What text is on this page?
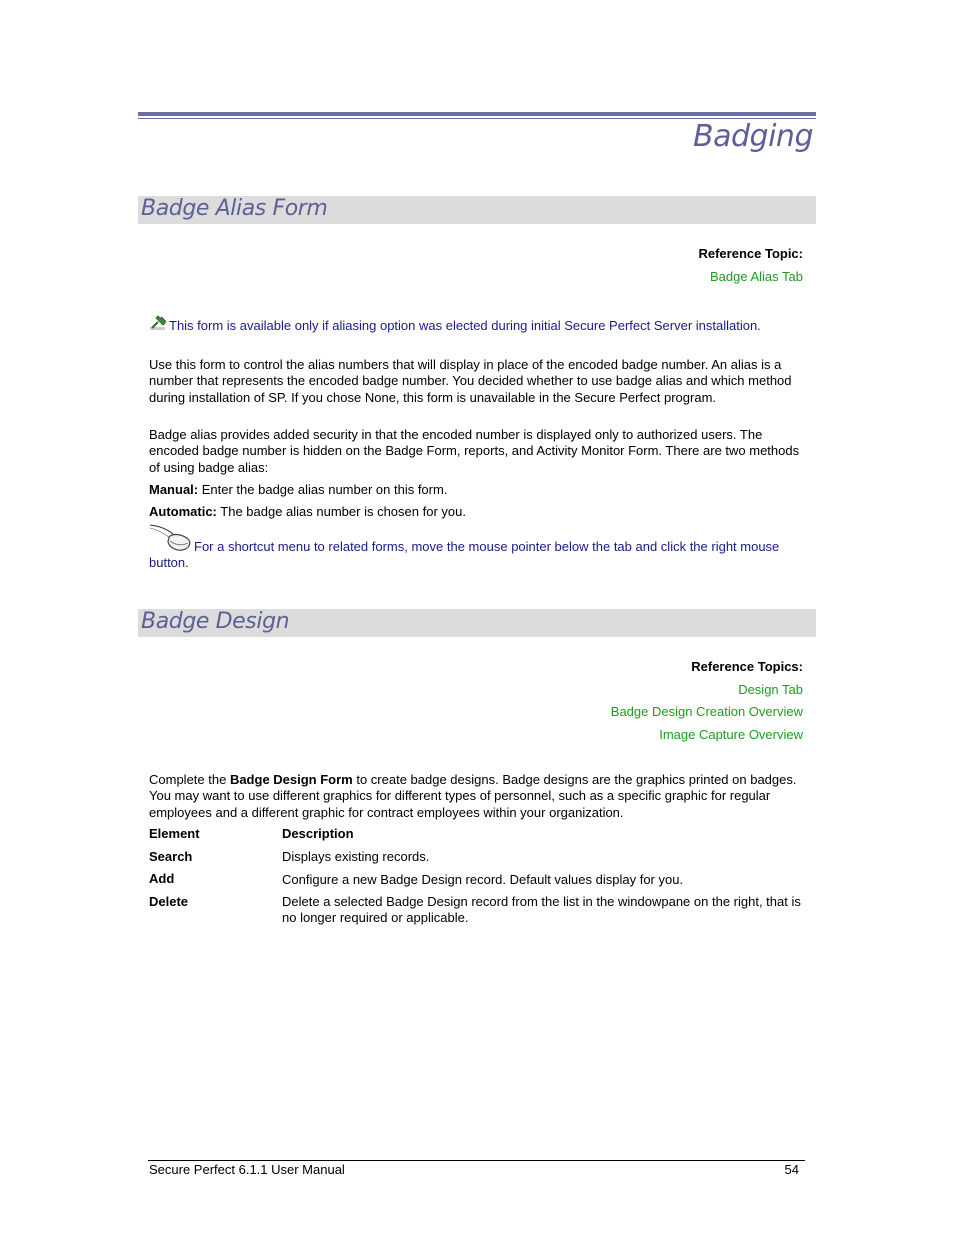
Badging
Badge Alias Form
Reference Topic:
Badge Alias Tab
This form is available only if aliasing option was elected during initial Secure Perfect Server installation.
Use this form to control the alias numbers that will display in place of the encoded badge number. An alias is a number that represents the encoded badge number. You decided whether to use badge alias and which method during installation of SP. If you chose None, this form is unavailable in the Secure Perfect program.
Badge alias provides added security in that the encoded number is displayed only to authorized users. The encoded badge number is hidden on the Badge Form, reports, and Activity Monitor Form. There are two methods of using badge alias:
Manual: Enter the badge alias number on this form.
Automatic: The badge alias number is chosen for you.
For a shortcut menu to related forms, move the mouse pointer below the tab and click the right mouse button.
Badge Design
Reference Topics:
Design Tab
Badge Design Creation Overview
Image Capture Overview
Complete the Badge Design Form to create badge designs. Badge designs are the graphics printed on badges. You may want to use different graphics for different types of personnel, such as a specific graphic for regular employees and a different graphic for contract employees within your organization.
Element	Description
Search	Displays existing records.
Add	Configure a new Badge Design record. Default values display for you.
Delete	Delete a selected Badge Design record from the list in the windowpane on the right, that is no longer required or applicable.
Secure Perfect 6.1.1 User Manual	54
